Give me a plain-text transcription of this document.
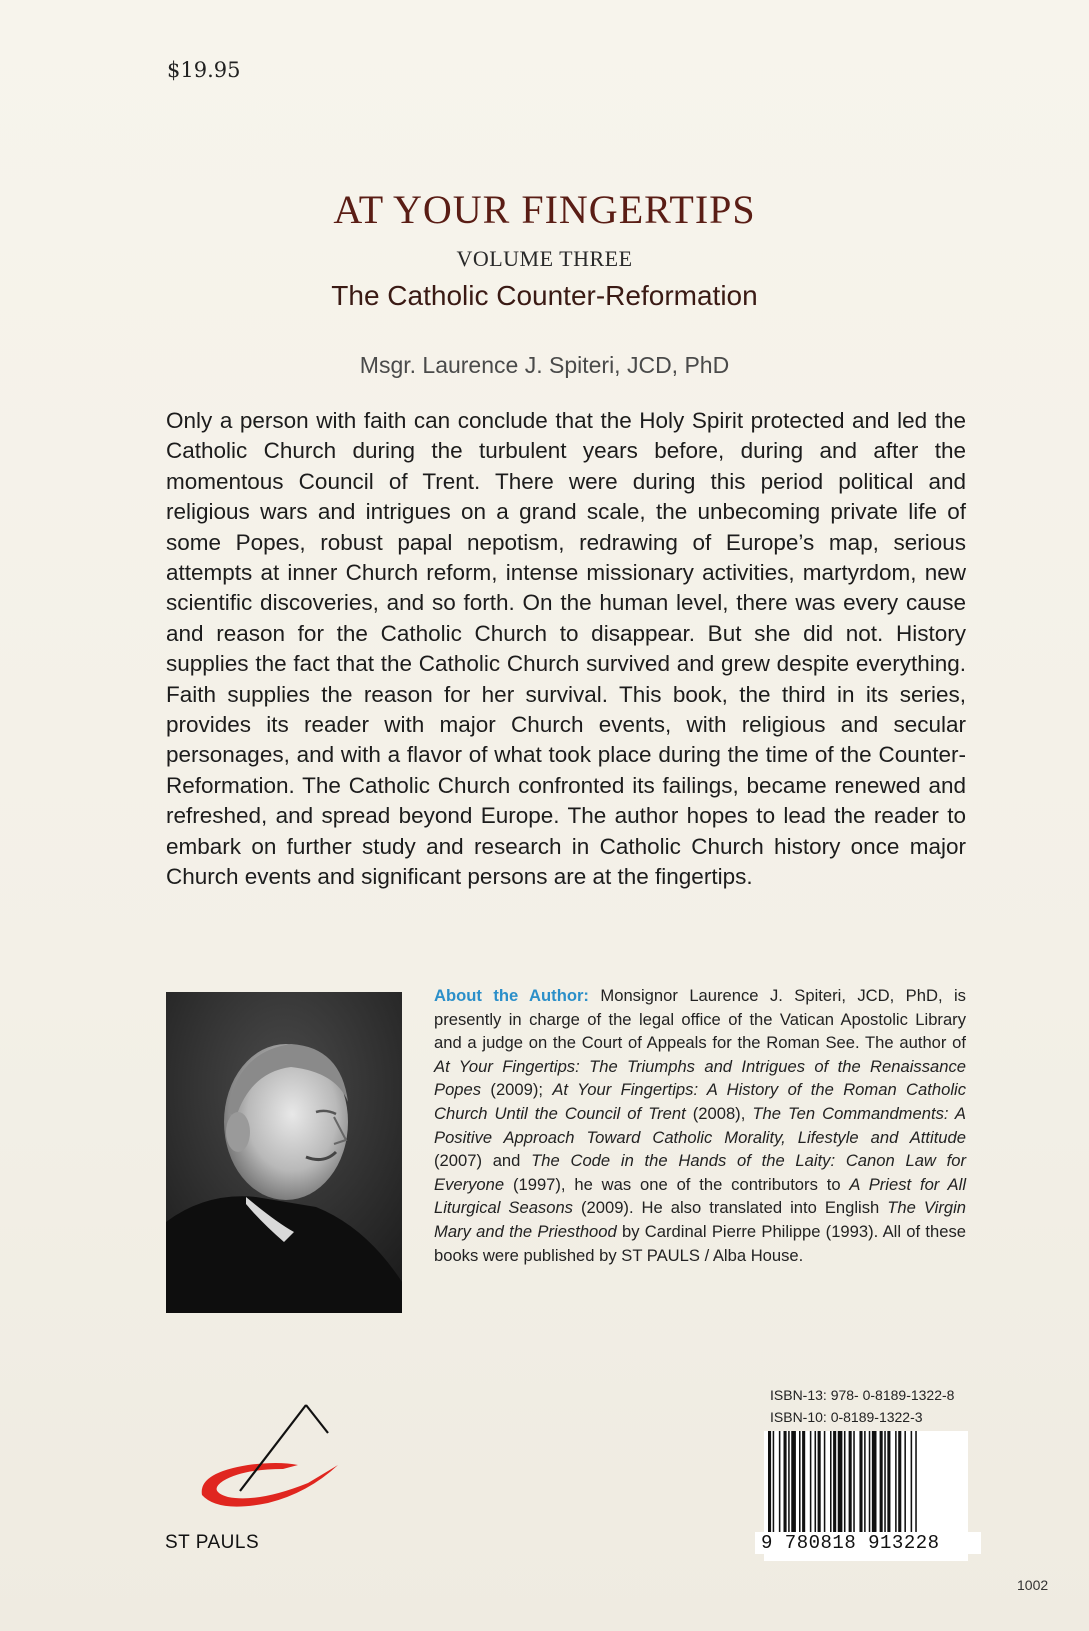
$19.95
AT YOUR FINGERTIPS
VOLUME THREE
The Catholic Counter-Reformation
Msgr. Laurence J. Spiteri, JCD, PhD

Only a person with faith can conclude that the Holy Spirit protected and led the Catholic Church during the turbulent years before, during and after the momentous Council of Trent. There were during this period political and religious wars and intrigues on a grand scale, the unbecoming private life of some Popes, robust papal nepotism, redrawing of Europe’s map, serious attempts at inner Church reform, intense missionary activities, martyrdom, new scientific discoveries, and so forth. On the human level, there was every cause and reason for the Catholic Church to disappear. But she did not. History supplies the fact that the Catholic Church survived and grew despite everything. Faith supplies the reason for her survival. This book, the third in its series, provides its reader with major Church events, with religious and secular personages, and with a flavor of what took place during the time of the Counter-Reformation. The Catholic Church confronted its failings, became renewed and refreshed, and spread beyond Europe. The author hopes to lead the reader to embark on further study and research in Catholic Church history once major Church events and significant persons are at the fingertips.

About the Author: Monsignor Laurence J. Spiteri, JCD, PhD, is presently in charge of the legal office of the Vatican Apostolic Library and a judge on the Court of Appeals for the Roman See. The author of At Your Fingertips: The Triumphs and Intrigues of the Renaissance Popes (2009); At Your Fingertips: A History of the Roman Catholic Church Until the Council of Trent (2008), The Ten Commandments: A Positive Approach Toward Catholic Morality, Lifestyle and Attitude (2007) and The Code in the Hands of the Laity: Canon Law for Everyone (1997), he was one of the contributors to A Priest for All Liturgical Seasons (2009). He also translated into English The Virgin Mary and the Priesthood by Cardinal Pierre Philippe (1993). All of these books were published by ST PAULS / Alba House.

ISBN-13: 978- 0-8189-1322-8
ISBN-10: 0-8189-1322-3
9 780818 913228
ST PAULS
1002
